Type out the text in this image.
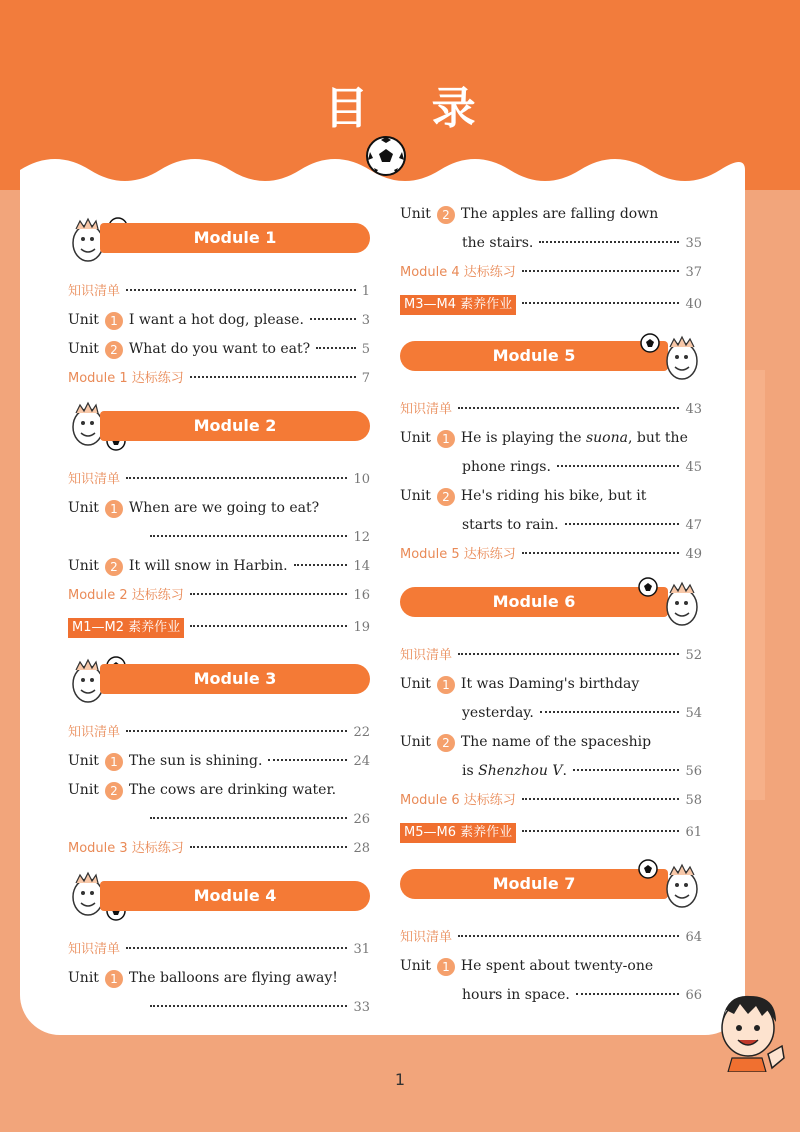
目 录
Module 1
知识清单	1
Unit 1 I want a hot dog, please.	3
Unit 2 What do you want to eat?	5
Module 1 达标练习	7
Module 2
知识清单	10
Unit 1 When are we going to eat?
12
Unit 2 It will snow in Harbin.	14
Module 2 达标练习	16
M1—M2 素养作业	19
Module 3
知识清单	22
Unit 1 The sun is shining.	24
Unit 2 The cows are drinking water.
26
Module 3 达标练习	28
Module 4
知识清单	31
Unit 1 The balloons are flying away!
33
Unit 2 The apples are falling down
the stairs.	35
Module 4 达标练习	37
M3—M4 素养作业	40
Module 5
知识清单	43
Unit 1 He is playing the suona, but the
phone rings.	45
Unit 2 He's riding his bike, but it
starts to rain.	47
Module 5 达标练习	49
Module 6
知识清单	52
Unit 1 It was Daming's birthday
yesterday.	54
Unit 2 The name of the spaceship
is Shenzhou V.	56
Module 6 达标练习	58
M5—M6 素养作业	61
Module 7
知识清单	64
Unit 1 He spent about twenty-one
hours in space.	66
1
